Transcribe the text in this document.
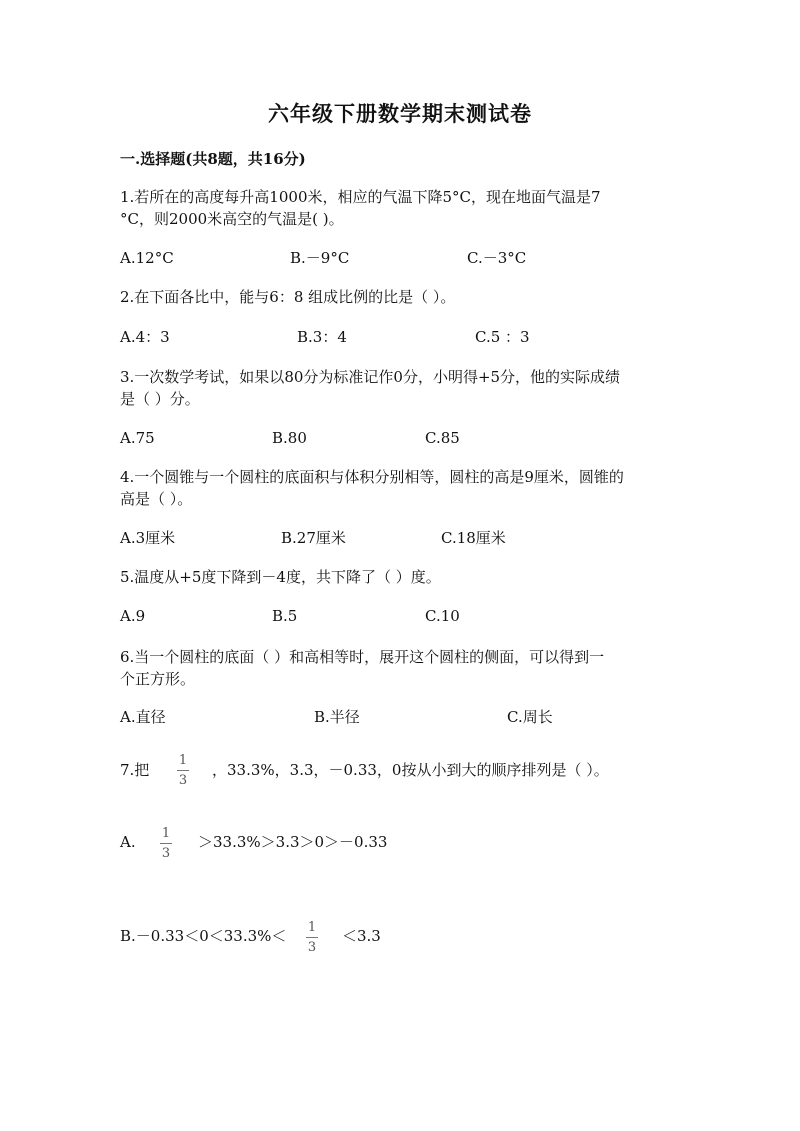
六年级下册数学期末测试卷
一.选择题(共8题，共16分)
1.若所在的高度每升高1000米，相应的气温下降5°C，现在地面气温是7
°C，则2000米高空的气温是( )。
A.12°C	B.－9°C	C.－3°C
2.在下面各比中，能与6：8 组成比例的比是（ ）。
A.4：3	B.3：4	C.5 ：3
3.一次数学考试，如果以80分为标准记作0分，小明得+5分，他的实际成绩
是（ ）分。
A.75	B.80	C.85
4.一个圆锥与一个圆柱的底面积与体积分别相等，圆柱的高是9厘米，圆锥的
高是（ ）。
A.3厘米	B.27厘米	C.18厘米
5.温度从+5度下降到－4度，共下降了（ ）度。
A.9	B.5	C.10
6.当一个圆柱的底面（ ）和高相等时，展开这个圆柱的侧面，可以得到一
个正方形。
A.直径	B.半径	C.周长
7.把
1
3
，33.3%，3.3，－0.33，0按从小到大的顺序排列是（ ）。
A. 1
3
＞33.3%＞3.3＞0＞－0.33
B.－0.33＜0＜33.3%＜ 1
3
＜3.3
